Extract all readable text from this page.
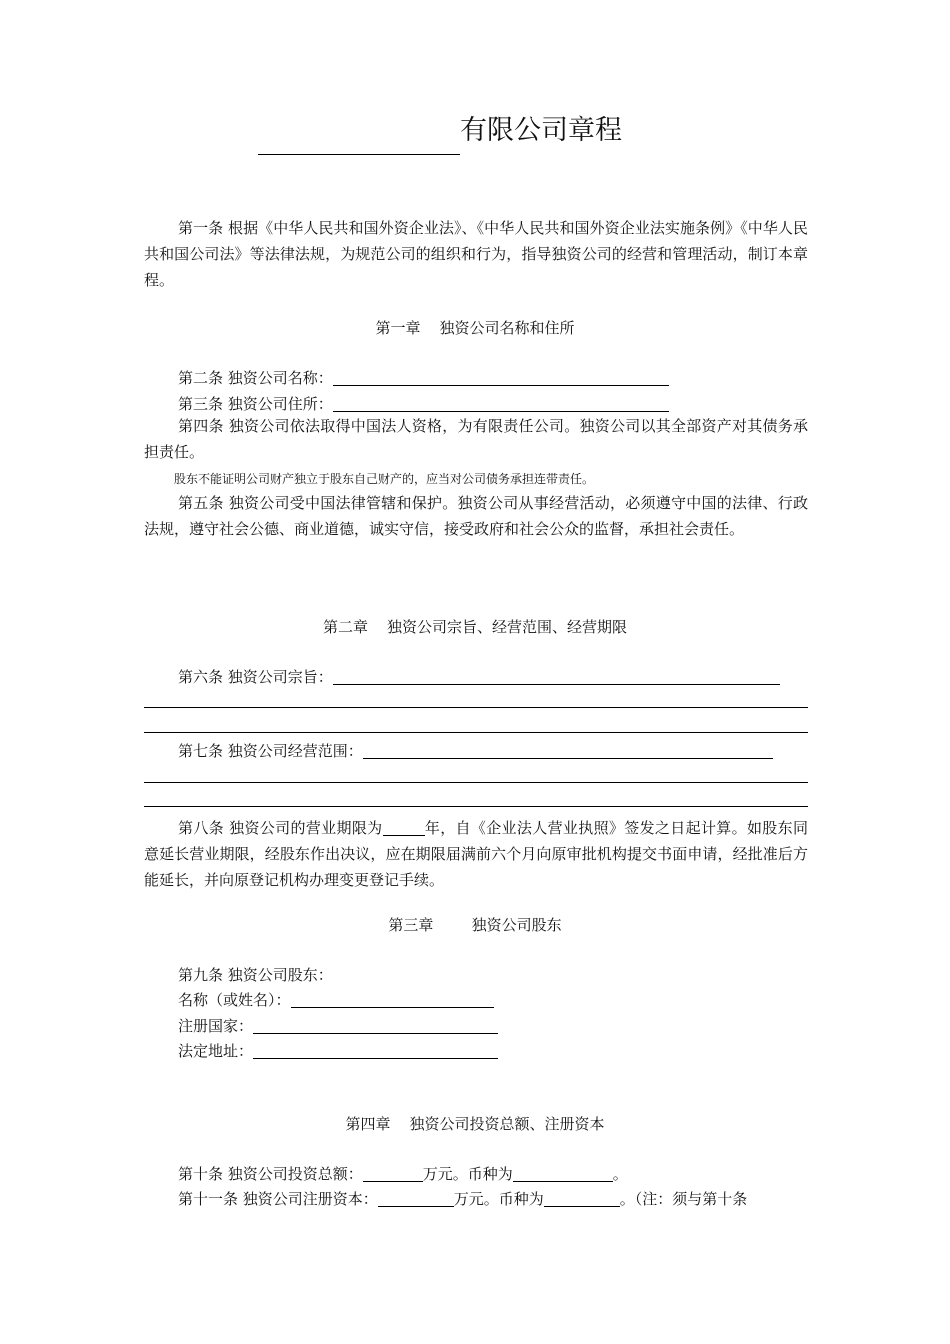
有限公司章程
第一条 根据《中华人民共和国外资企业法》、《中华人民共和国外资企业法实施条例》《中华人民共和国公司法》等法律法规，为规范公司的组织和行为，指导独资公司的经营和管理活动，制订本章程。
第一章    独资公司名称和住所
第二条 独资公司名称：
第三条 独资公司住所：
第四条 独资公司依法取得中国法人资格，为有限责任公司。独资公司以其全部资产对其债务承担责任。
股东不能证明公司财产独立于股东自己财产的，应当对公司债务承担连带责任。
第五条 独资公司受中国法律管辖和保护。独资公司从事经营活动，必须遵守中国的法律、行政法规，遵守社会公德、商业道德，诚实守信，接受政府和社会公众的监督，承担社会责任。
第二章    独资公司宗旨、经营范围、经营期限
第六条 独资公司宗旨：
第七条 独资公司经营范围：
第八条 独资公司的营业期限为	年，自《企业法人营业执照》签发之日起计算。如股东同意延长营业期限，经股东作出决议，应在期限届满前六个月向原审批机构提交书面申请，经批准后方能延长，并向原登记机构办理变更登记手续。
第三章        独资公司股东
第九条 独资公司股东：
名称（或姓名）：
注册国家：
法定地址：
第四章    独资公司投资总额、注册资本
第十条 独资公司投资总额：	万元。币种为	。
第十一条 独资公司注册资本：	万元。币种为	。（注：须与第十条
